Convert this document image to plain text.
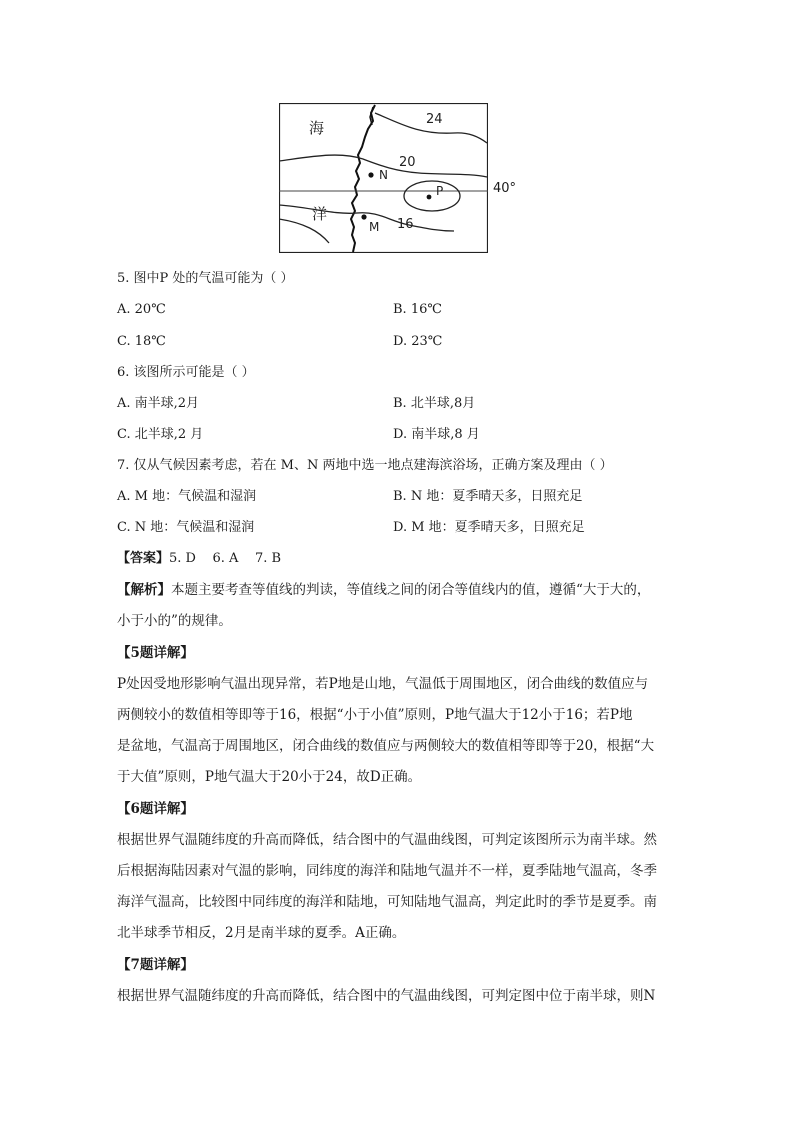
海
洋
24
20
16
N
M
P	40°
5. 图中P 处的气温可能为（ ）
A. 20℃	B. 16℃
C. 18℃	D. 23℃
6. 该图所示可能是（ ）
A. 南半球,2月	B. 北半球,8月
C. 北半球,2 月	D. 南半球,8 月
7. 仅从气候因素考虑，若在 M、N 两地中选一地点建海滨浴场，正确方案及理由（ ）
A. M 地：气候温和湿润	B. N 地：夏季晴天多，日照充足
C. N 地：气候温和湿润	D. M 地：夏季晴天多，日照充足
【答案】5. D    6. A    7. B

【解析】本题主要考查等值线的判读，等值线之间的闭合等值线内的值，遵循“大于大的，

小于小的”的规律。

【5题详解】

P处因受地形影响气温出现异常，若P地是山地，气温低于周围地区，闭合曲线的数值应与

两侧较小的数值相等即等于16，根据“小于小值”原则，P地气温大于12小于16；若P地

是盆地，气温高于周围地区，闭合曲线的数值应与两侧较大的数值相等即等于20，根据“大

于大值”原则，P地气温大于20小于24，故D正确。

【6题详解】

根据世界气温随纬度的升高而降低，结合图中的气温曲线图，可判定该图所示为南半球。然

后根据海陆因素对气温的影响，同纬度的海洋和陆地气温并不一样，夏季陆地气温高，冬季

海洋气温高，比较图中同纬度的海洋和陆地，可知陆地气温高，判定此时的季节是夏季。南

北半球季节相反，2月是南半球的夏季。A正确。

【7题详解】

根据世界气温随纬度的升高而降低，结合图中的气温曲线图，可判定图中位于南半球，则N
